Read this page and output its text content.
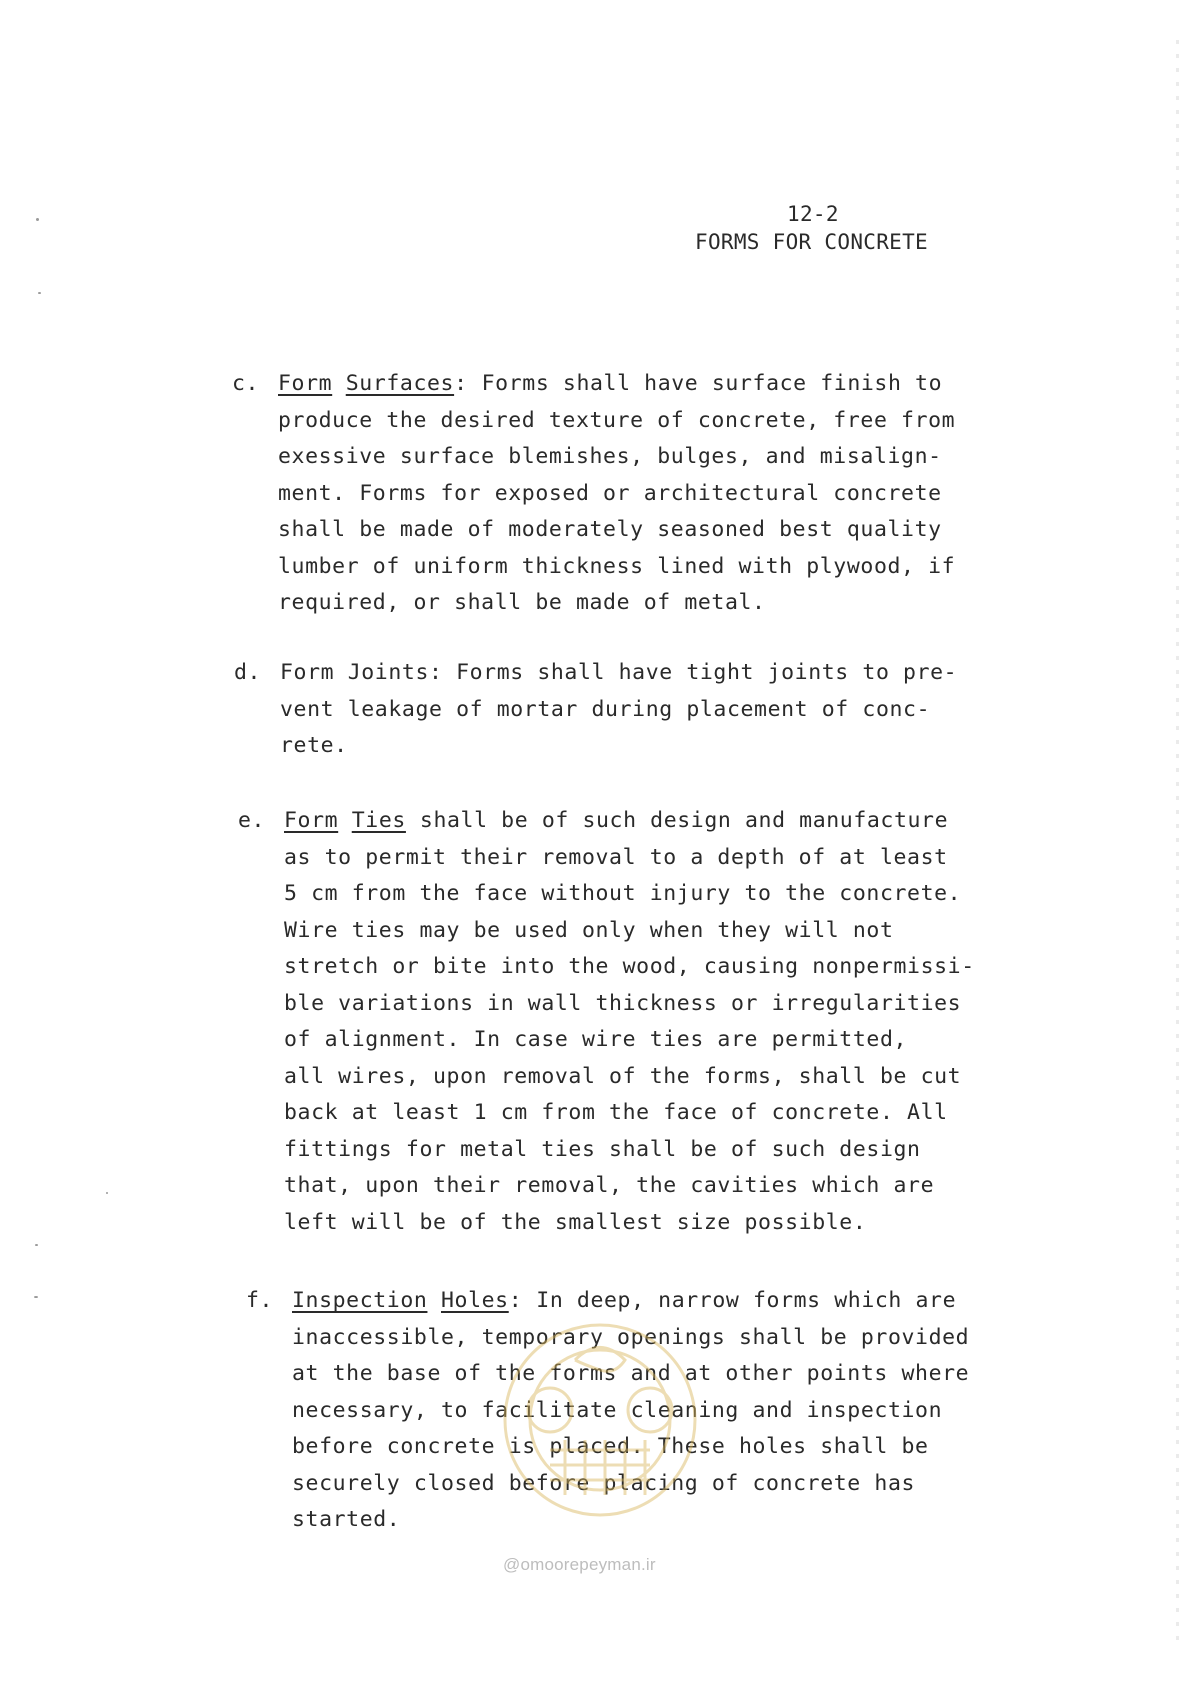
12-2
FORMS FOR CONCRETE
c. Form Surfaces: Forms shall have surface finish to
produce the desired texture of concrete, free from
exessive surface blemishes, bulges, and misalign-
ment. Forms for exposed or architectural concrete
shall be made of moderately seasoned best quality
lumber of uniform thickness lined with plywood, if
required, or shall be made of metal.
d. Form Joints: Forms shall have tight joints to pre-
vent leakage of mortar during placement of conc-
rete.
e. Form Ties shall be of such design and manufacture
as to permit their removal to a depth of at least
5 cm from the face without injury to the concrete.
Wire ties may be used only when they will not
stretch or bite into the wood, causing nonpermissi-
ble variations in wall thickness or irregularities
of alignment. In case wire ties are permitted,
all wires, upon removal of the forms, shall be cut
back at least 1 cm from the face of concrete. All
fittings for metal ties shall be of such design
that, upon their removal, the cavities which are
left will be of the smallest size possible.
f. Inspection Holes: In deep, narrow forms which are
inaccessible, temporary openings shall be provided
at the base of the forms and at other points where
necessary, to facilitate cleaning and inspection
before concrete is placed. These holes shall be
securely closed before placing of concrete has
started.
@omoorepeyman.ir
